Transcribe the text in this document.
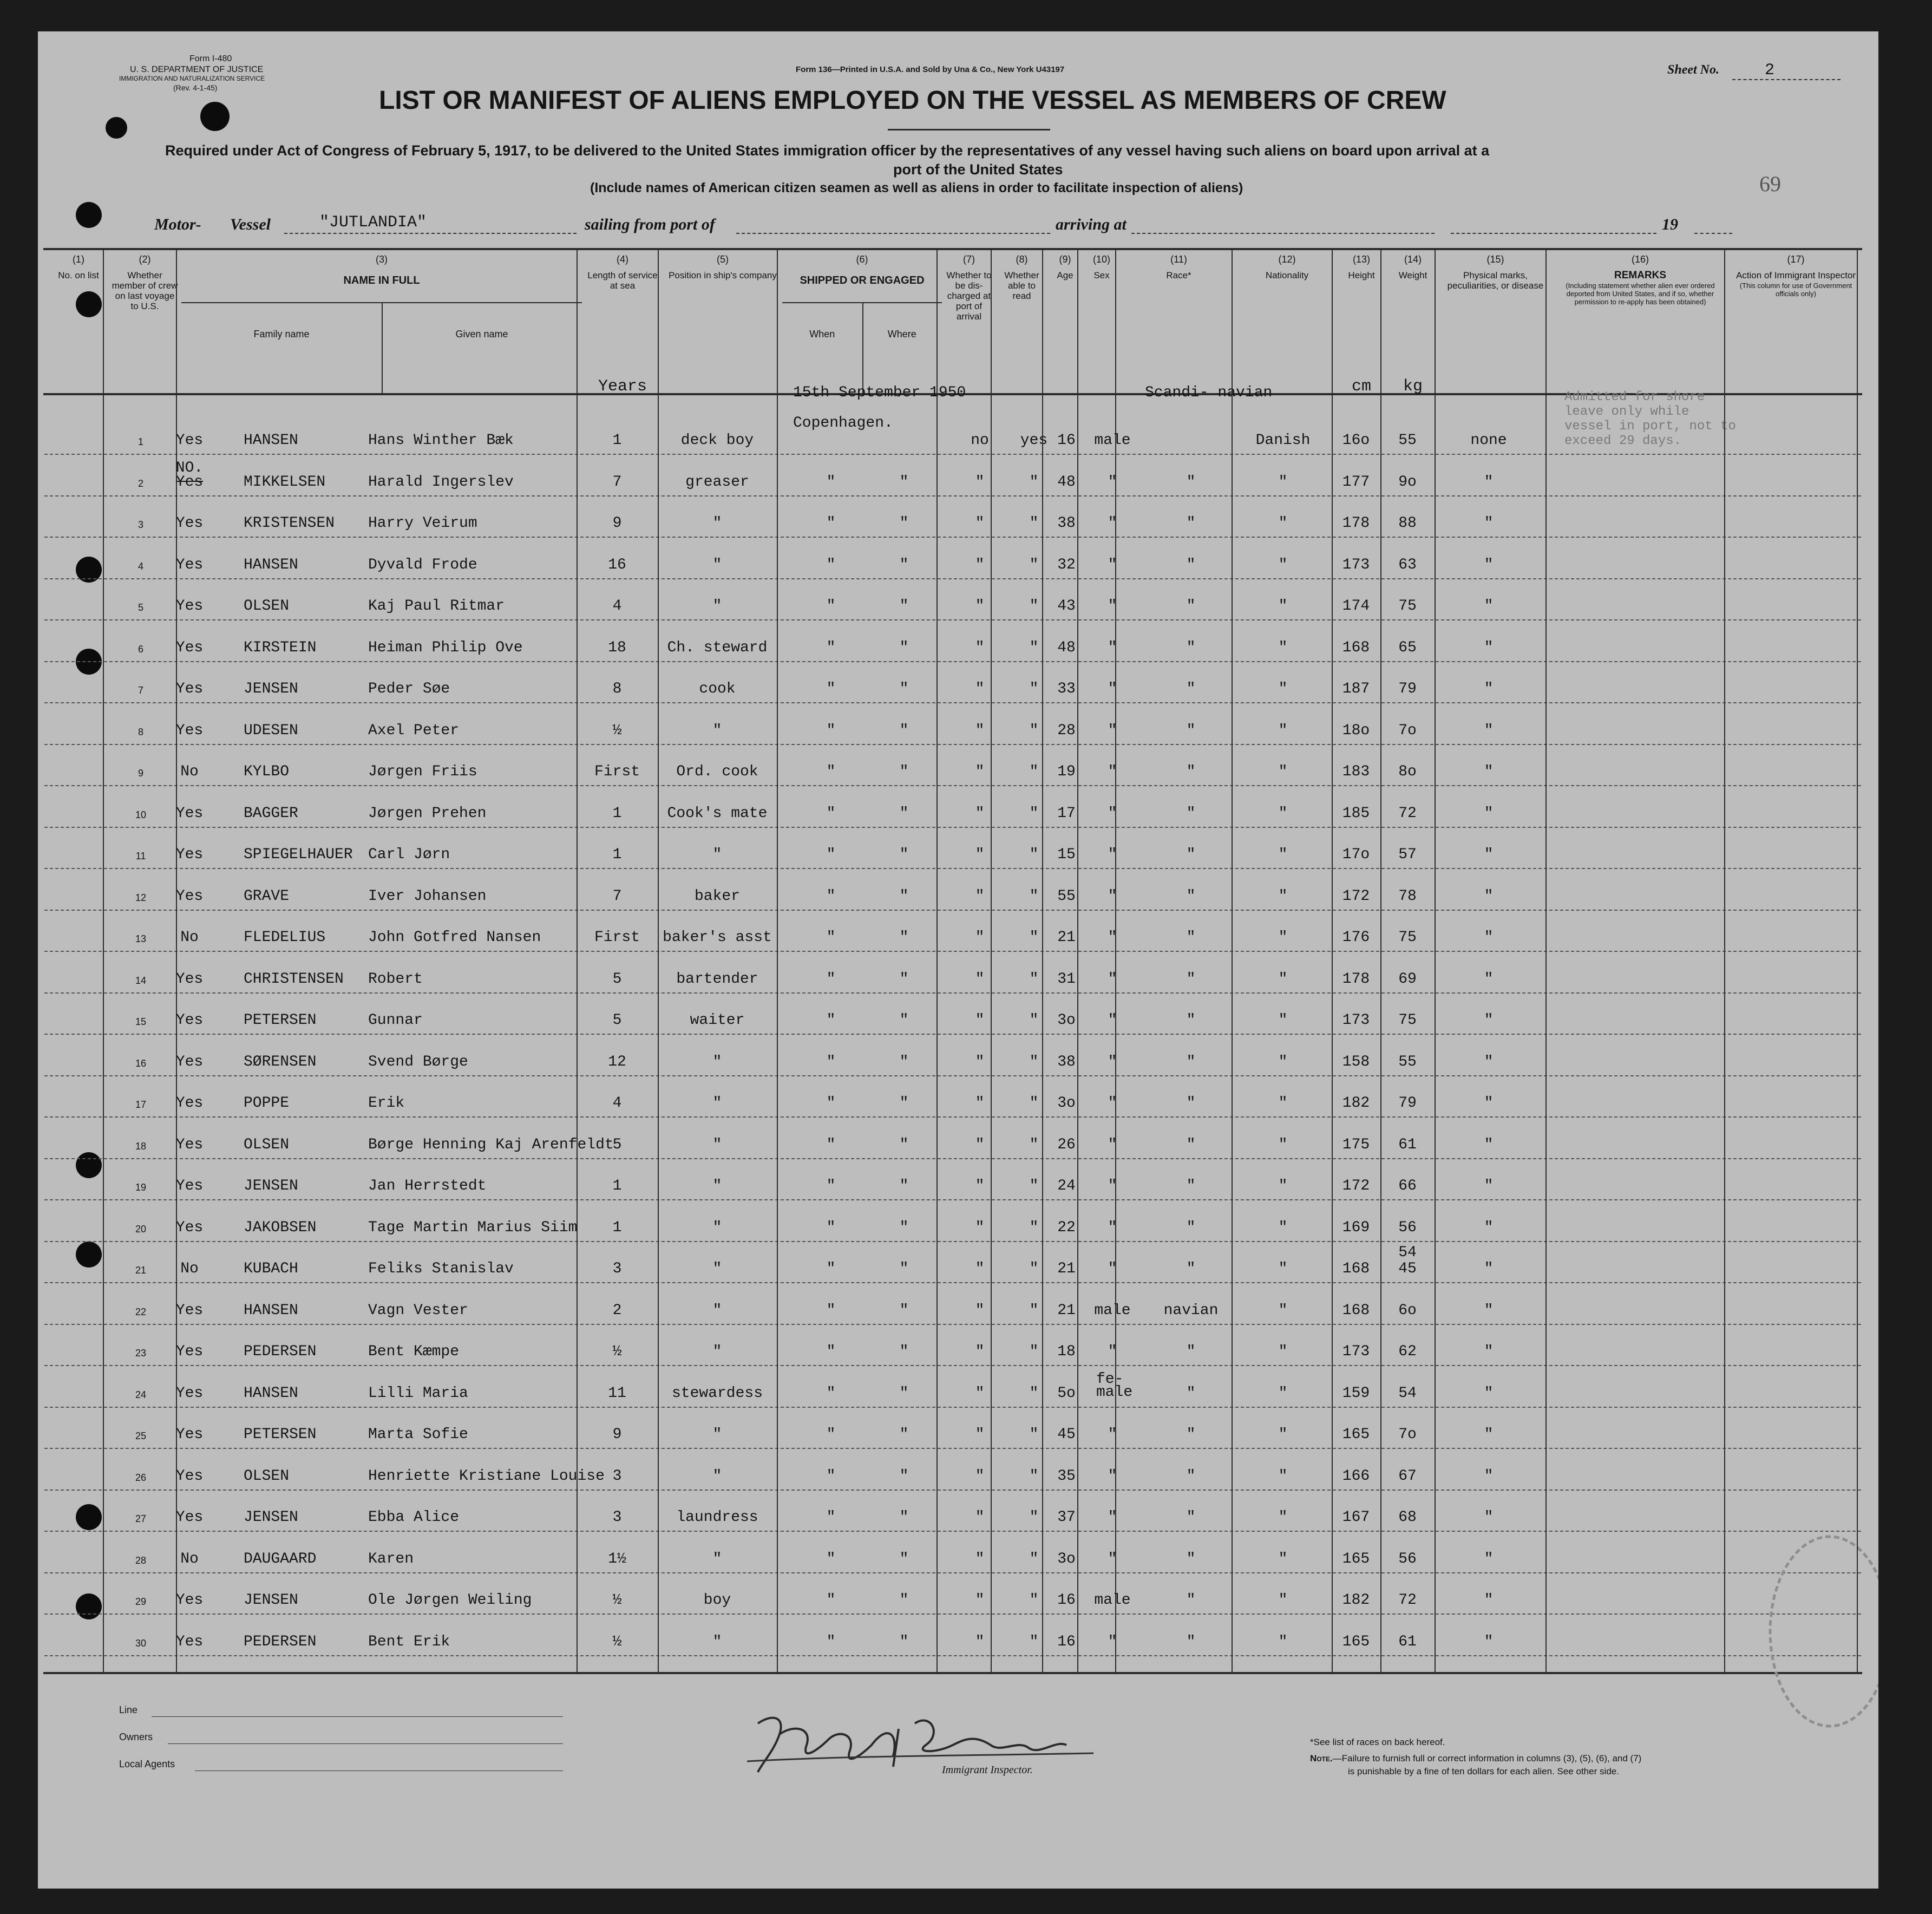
Form I-480
U. S. DEPARTMENT OF JUSTICE
IMMIGRATION AND NATURALIZATION SERVICE
(Rev. 4-1-45)
Form 136—Printed in U.S.A. and Sold by Una & Co., New York U43197	Sheet No.	2
LIST OR MANIFEST OF ALIENS EMPLOYED ON THE VESSEL AS MEMBERS OF CREW
Required under Act of Congress of February 5, 1917, to be delivered to the United States immigration officer by the representatives of any vessel having such aliens on board upon arrival at a
port of the United States
(Include names of American citizen seamen as well as aliens in order to facilitate inspection of aliens)	69
Motor- Vessel	"JUTLANDIA"	sailing from port of	arriving at	19
(1)
No. on list
(2)
Whether member of crew on last voyage to U.S.
(3)
NAME IN FULL
Family name	Given name
(4)
Length of service at sea
Years
(5)
Position in ship's company
(6)
SHIPPED OR ENGAGED
When	Where
(7)
Whether to be dis-charged at port of arrival
(8)
Whether able to read
(9)
Age
(10)
Sex
(11)
Race*
(12)
Nationality
(13)
Height
cm
(14)
Weight
kg
(15)
Physical marks, peculiarities, or disease
(16)
REMARKS
(Including statement whether alien ever ordered deported from United States, and if so, whether permission to re-apply has been obtained)
(17)
Action of Immigrant Inspector
(This column for use of Government officials only)
1 Yes	HANSEN	Hans Winther Bæk	1	deck boy	no yes 16 male	Danish 16o 55	none
2
NO.
MIKKELSEN	Harald Ingerslev	7	greaser	"	"	"	" 48 "	"	"	177 9o	"
Yes
3 Yes	KRISTENSEN Harry Veirum	9	"	"	"	"	" 38 "	"	"	178 88	"
4 Yes	HANSEN	Dyvald Frode	16	"	"	"	"	" 32 "	"	"	173 63	"
5 Yes	OLSEN	Kaj Paul Ritmar	4	"	"	"	"	" 43 "	"	"	174 75	"
6 Yes	KIRSTEIN	Heiman Philip Ove	18	Ch. steward	"	"	"	" 48 "	"	"	168 65	"
7 Yes	JENSEN	Peder Søe	8	cook	"	"	"	" 33 "	"	"	187 79	"
8 Yes	UDESEN	Axel Peter	½	"	"	"	"	" 28 "	"	"	18o 7o	"
9 No	KYLBO	Jørgen Friis	First Ord. cook	"	"	"	" 19 "	"	"	183 8o	"
10 Yes	BAGGER	Jørgen Prehen	1	Cook's mate	"	"	"	" 17 "	"	"	185 72	"
11 Yes	SPIEGELHAUER Carl Jørn	1	"	"	"	"	" 15 "	"	"	17o 57	"
12 Yes	GRAVE	Iver Johansen	7	baker	"	"	"	" 55 "	"	"	172 78	"
13 No	FLEDELIUS	John Gotfred Nansen	First baker's asst	"	"	"	" 21 "	"	"	176 75	"
14 Yes	CHRISTENSEN Robert	5	bartender	"	"	"	" 31 "	"	"	178 69	"
15 Yes	PETERSEN	Gunnar	5	waiter	"	"	"	" 3o "	"	"	173 75	"
16 Yes	SØRENSEN	Svend Børge	12	"	"	"	"	" 38 "	"	"	158 55	"
17 Yes	POPPE	Erik	4	"	"	"	"	" 3o "	"	"	182 79	"
18 Yes	OLSEN	Børge Henning Kaj Arenfeldt
5	"	"	"	"	" 26 "	"	"	175 61	"
19 Yes	JENSEN	Jan Herrstedt	1	"	"	"	"	" 24 "	"	"	172 66	"
20 Yes	JAKOBSEN	Tage Martin Marius Siim 1	"	"	"	"	" 22 "	"	"	169 56	"
21 No	KUBACH	Feliks Stanislav	3	"	"	"	"	" 21 "	"	"	168 45	"
54
22 Yes	HANSEN	Vagn Vester	2	"	"	"	"	" 21 male navian	"	168 6o	"
23 Yes	PEDERSEN	Bent Kæmpe	½	"	"	"	"	" 18 "	"	"	173 62	"
24 Yes	HANSEN	Lilli Maria	11	stewardess	"	"	"	" 5o
fe- male	"	"	159 54	"
25 Yes	PETERSEN	Marta Sofie	9	"	"	"	"	" 45 "	"	"	165 7o	"
26 Yes	OLSEN	Henriette Kristiane Louise 3	"	"	"	"	" 35 "	"	"	166 67	"
27 Yes	JENSEN	Ebba Alice	3	laundress	"	"	"	" 37 "	"	"	167 68	"
28 No	DAUGAARD	Karen	1½	"	"	"	"	" 3o "	"	"	165 56	"
29 Yes	JENSEN	Ole Jørgen Weiling	½	boy	"	"	"	" 16 male	"	"	182 72	"
30 Yes	PEDERSEN	Bent Erik	½	"	"	"	"	" 16 "	"	"	165 61	"
15th September 1950
Copenhagen.
Scandi- navian	Admitted for shore leave only while vessel in port, not to exceed 29 days.
Line
Owners
Local Agents	Immigrant Inspector.
*See list of races on back hereof.
Note.—Failure to furnish full or correct information in columns (3), (5), (6), and (7)
is punishable by a fine of ten dollars for each alien. See other side.
